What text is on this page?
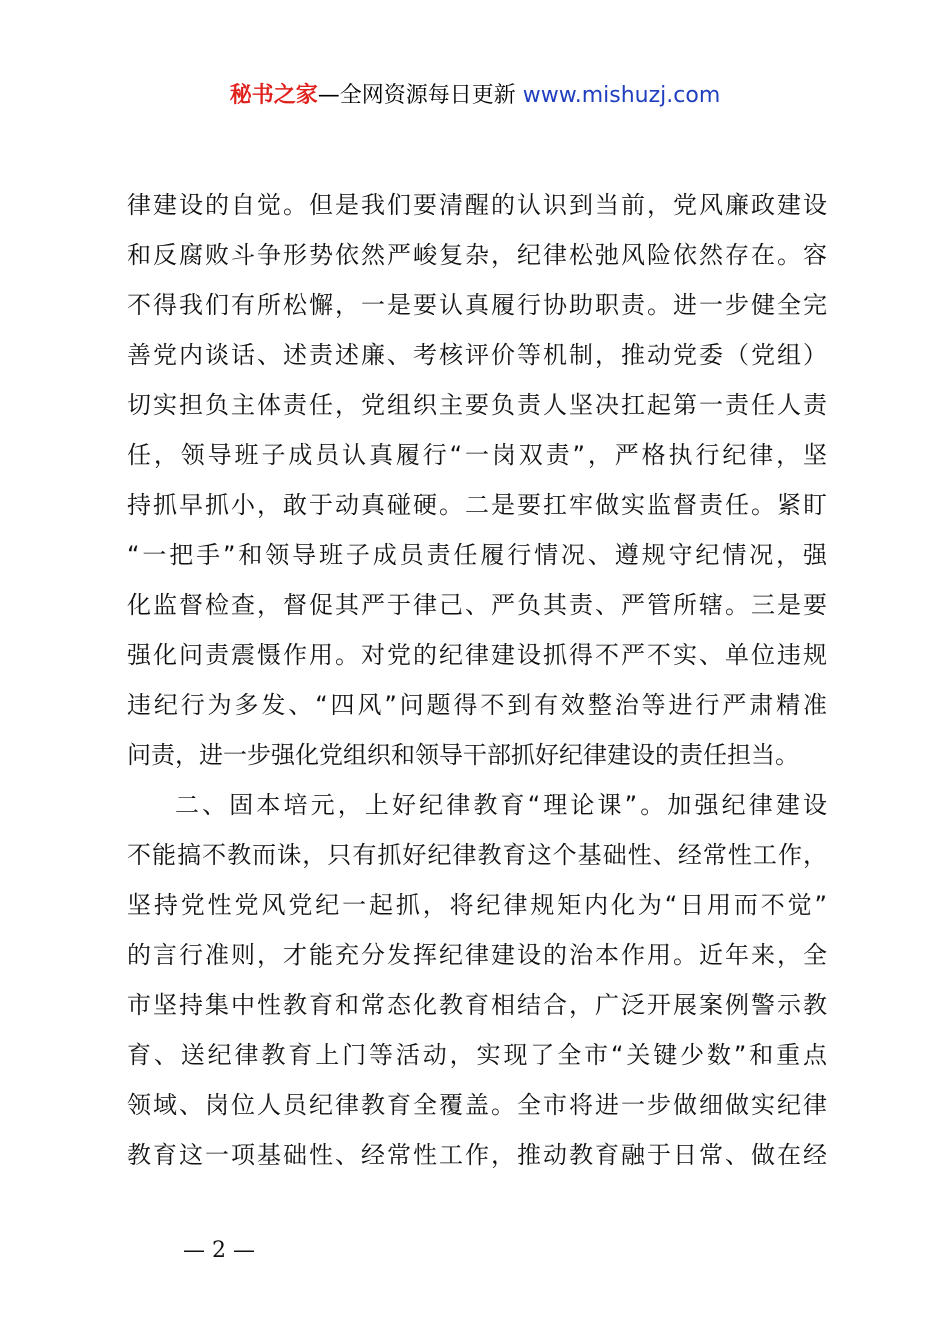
秘书之家—全网资源每日更新 www.mishuzj.com
律建设的自觉。但是我们要清醒的认识到当前，党风廉政建设
和反腐败斗争形势依然严峻复杂，纪律松弛风险依然存在。容
不得我们有所松懈，一是要认真履行协助职责。进一步健全完
善党内谈话、述责述廉、考核评价等机制，推动党委（党组）
切实担负主体责任，党组织主要负责人坚决扛起第一责任人责
任，领导班子成员认真履行“一岗双责”，严格执行纪律，坚
持抓早抓小，敢于动真碰硬。二是要扛牢做实监督责任。紧盯
“一把手”和领导班子成员责任履行情况、遵规守纪情况，强
化监督检查，督促其严于律己、严负其责、严管所辖。三是要
强化问责震慑作用。对党的纪律建设抓得不严不实、单位违规
违纪行为多发、“四风”问题得不到有效整治等进行严肃精准
问责，进一步强化党组织和领导干部抓好纪律建设的责任担当。
二、固本培元，上好纪律教育“理论课”。加强纪律建设
不能搞不教而诛，只有抓好纪律教育这个基础性、经常性工作，
坚持党性党风党纪一起抓，将纪律规矩内化为“日用而不觉”
的言行准则，才能充分发挥纪律建设的治本作用。近年来，全
市坚持集中性教育和常态化教育相结合，广泛开展案例警示教
育、送纪律教育上门等活动，实现了全市“关键少数”和重点
领域、岗位人员纪律教育全覆盖。全市将进一步做细做实纪律
教育这一项基础性、经常性工作，推动教育融于日常、做在经
— 2 —
